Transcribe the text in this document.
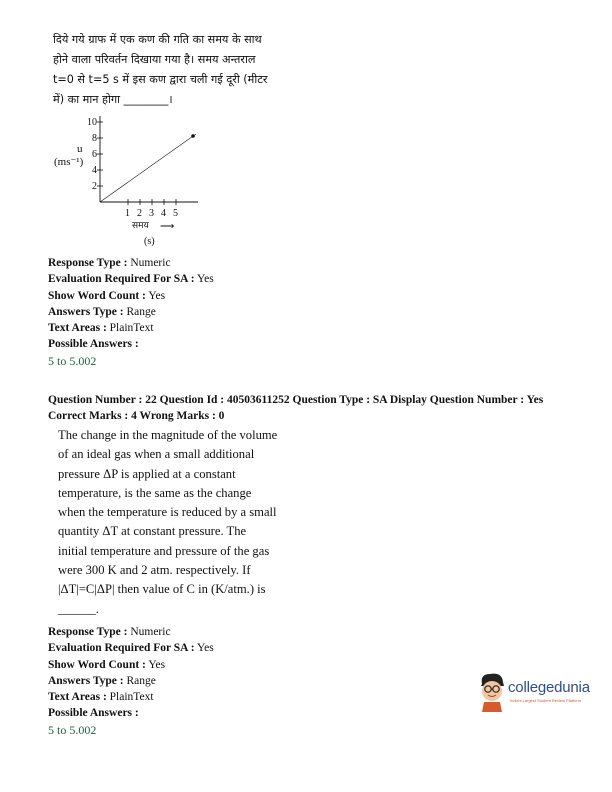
दिये गये ग्राफ में एक कण की गति का समय के साथ
होने वाला परिवर्तन दिखाया गया है। समय अन्तराल
t=0 से t=5 s में इस कण द्वारा चली गई दूरी (मीटर
में) का मान होगा ________।
u
(ms⁻¹)
10
8
6
4
2
1 2 3 4 5
समय ⟶
(s)
Response Type : Numeric
Evaluation Required For SA : Yes
Show Word Count : Yes
Answers Type : Range
Text Areas : PlainText
Possible Answers :
5 to 5.002
Question Number : 22 Question Id : 40503611252 Question Type : SA Display Question Number : Yes
Correct Marks : 4 Wrong Marks : 0
The change in the magnitude of the volume
of an ideal gas when a small additional
pressure ΔP is applied at a constant
temperature, is the same as the change
when the temperature is reduced by a small
quantity ΔT at constant pressure. The
initial temperature and pressure of the gas
were 300 K and 2 atm. respectively. If
|ΔT|=C|ΔP| then value of C in (K/atm.) is
______.
Response Type : Numeric
Evaluation Required For SA : Yes
Show Word Count : Yes
Answers Type : Range
Text Areas : PlainText
Possible Answers :
5 to 5.002
collegedunia
India's Largest Student Review Platform
